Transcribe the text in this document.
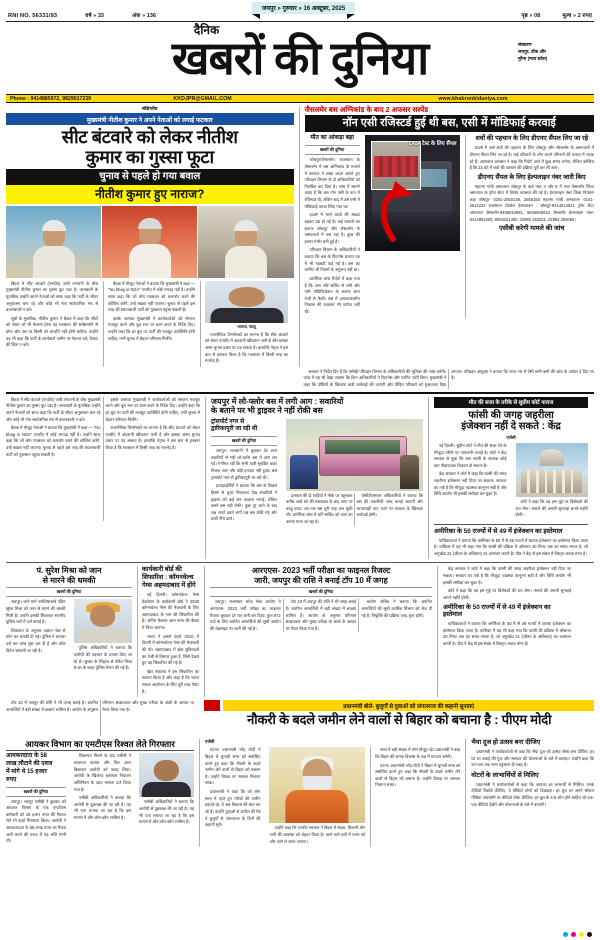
RNI NO. 56331/93	वर्ष » 33	अंक » 136	पृष्ठ » 08	मूल्य » 2 रुपए
जयपुर » गुरुवार » 16 अक्टूबर, 2025
दैनिक
खबरों की दुनिया	संस्करण
जयपुर, टोंक और
मुरैना (मध्य प्रदेश)
Phone : 9414885972, 9829017239	KKDJPR@GMAIL.COM	www.khabronkiduniya.com
संक्षिप्तीय
मुख्यमंत्री नीतीश कुमार ने अपने नेताओं को लगाई फटकार
सीट बंटवारे को लेकर नीतीश
कुमार का गुस्सा फूटा
चुनाव से पहले हो गया बवाल
नीतीश कुमार हुए नाराज?

बिहार में सीट बंटवारे (एनडीए) जारी तनातनी के बीच मुख्यमंत्री नीतीश कुमार का गुस्सा फूट पड़ा है। जानकारी के मुताबिक उन्होंने अपने नेताओं को साफ कहा कि पार्टी के भीतर अनुशासन बना रहे और कोई भी नेता सार्वजनिक मंच से बयानबाजी न करे।

सूत्रों के मुताबिक, नीतीश कुमार ने बैठक में कहा कि सीटों को लेकर जो भी फैसला होगा वह गठबंधन की सर्वसम्मति से होगा और उस पर किसी को आपत्ति नहीं होनी चाहिए। उन्होंने यह भी कहा कि पार्टी के कार्यकर्ता जमीन पर मेहनत करें, टिकट की चिंता न करें।

बैठक में मौजूद नेताओं ने बताया कि मुख्यमंत्री ने कहा — "No bhag in NDA" एनडीए में कोई भगदड़ नहीं है। उन्होंने साफ कहा कि जो लोग गठबंधन को कमजोर करने की कोशिश करेंगे, उन्हें बख्शा नहीं जाएगा। चुनाव से पहले इस तरह की बयानबाजी पार्टी को नुकसान पहुंचा सकती है।

इसके अलावा मुख्यमंत्री ने कार्यकर्ताओं को संगठन मजबूत करने और बूथ स्तर पर काम करने के निर्देश दिए। उन्होंने कहा कि हर बूथ पर पार्टी की मजबूत उपस्थिति होनी चाहिए, तभी चुनाव में बेहतर परिणाम मिलेंगे।

भाजपा, जदयू

राजनीतिक विश्लेषकों का मानना है कि सीट बंटवारे को लेकर एनडीए में अंदरूनी खींचतान जारी है और इसका असर चुनाव प्रचार पर पड़ सकता है। हालांकि नेतृत्व ने इस बात से इनकार किया है कि गठबंधन में किसी तरह का मतभेद है।

जैसलमेर बस अग्निकांड के बाद 2 अफसर सस्पेंड
नॉन एसी रजिस्टर्ड हुई थी बस, एसी में मॉडिफाई करवाई
मौत का आंकड़ा बढ़ा
खबरों की दुनिया

जोधपुर/जैसलमेर। राजस्थान के जैसलमेर में बस अग्निकांड के मामले में सरकार ने सख्त कदम उठाते हुए परिवहन विभाग के दो अधिकारियों को निलंबित कर दिया है। जांच में सामने आया है कि बस नॉन एसी के रूप में रजिस्टर्ड थी, लेकिन बाद में उसे एसी में मॉडिफाई करवा लिया गया था।

हादसे में मरने वालों की संख्या बढ़कर 25 हो गई है। कई घायलों का इलाज जोधपुर और जैसलमेर के अस्पतालों में चल रहा है। कुछ की हालत गंभीर बनी हुई है।

परिवहन विभाग के अधिकारियों ने बताया कि बस के फिटनेस प्रमाण पत्र में भी गड़बड़ी पाई गई है। बस का परमिट भी नियमों के अनुरूप नहीं था।

प्रारंभिक जांच रिपोर्ट में कहा गया है कि आग शॉर्ट सर्किट से लगी और एसी मॉडिफिकेशन के कारण आग तेजी से फैली। बस में आपातकालीन निकास की व्यवस्था भी पर्याप्त नहीं थी।

DNA टेस्ट के लिए सैंपल
शवों की पहचान के लिए डीएनए सैंपल लिए जा रहे

हादसे में जले शवों की पहचान के लिए जोधपुर और जैसलमेर के अस्पतालों में डीएनए सैंपल लिए जा रहे हैं। कई परिवारों के लोग अपने परिजनों की तलाश में भटक रहे हैं। अस्पताल प्रशासन ने कहा कि रिपोर्ट आने में कुछ समय लगेगा, लेकिन कोशिश है कि 24 घंटे में शवों की पहचान की प्रक्रिया पूरी कर ली जाए।

डीएनए सैंपल के लिए हेल्पलाइन नंबर जारी किए

महात्मा गांधी अस्पताल जोधपुर के वार्ड नंबर 4 और 5 में तथा जैसलमेर जिला अस्पताल के ट्रॉमा सेंटर में विशेष व्यवस्था की गई है। हेल्पलाइन नंबर जिला नियंत्रण कक्ष जोधपुर- 0291-2650148, 2650150 महात्मा गांधी अस्पताल- 0141-2612222 राजस्थान रोडवेज हेल्पलाइन : जोधपुर-9414014021 ट्रॉमा सेंटर अस्पताल जैसलमेर-9460010681, 9636906033 जैसलमेर हेल्पलाइन नंबर- 9414901400, 8003101400, 02992 252201, 02992 256066।

एसीबी करेगी मामले की जांच

सरकार ने निर्देश दिए हैं कि एसीबी परिवहन विभाग के अधिकारियों की भूमिका की जांच करेगी। जांच में यह भी देखा जाएगा कि किन अधिकारियों ने फिटनेस और परमिट जारी किए। मुख्यमंत्री ने कहा कि दोषियों के खिलाफ कड़ी कार्रवाई की जाएगी और पीड़ित परिवारों को मुआवजा दिया जाएगा। परिवहन आयुक्त ने बताया कि राज्य भर में ऐसी सभी बसों की जांच के आदेश दे दिए गए हैं।

बिहार में सीट बंटवारे (एनडीए) जारी तनातनी के बीच मुख्यमंत्री नीतीश कुमार का गुस्सा फूट पड़ा है। जानकारी के मुताबिक उन्होंने अपने नेताओं को साफ कहा कि पार्टी के भीतर अनुशासन बना रहे और कोई भी नेता सार्वजनिक मंच से बयानबाजी न करे।

बैठक में मौजूद नेताओं ने बताया कि मुख्यमंत्री ने कहा — "No bhag in NDA" एनडीए में कोई भगदड़ नहीं है। उन्होंने साफ कहा कि जो लोग गठबंधन को कमजोर करने की कोशिश करेंगे, उन्हें बख्शा नहीं जाएगा। चुनाव से पहले इस तरह की बयानबाजी पार्टी को नुकसान पहुंचा सकती है।

इसके अलावा मुख्यमंत्री ने कार्यकर्ताओं को संगठन मजबूत करने और बूथ स्तर पर काम करने के निर्देश दिए। उन्होंने कहा कि हर बूथ पर पार्टी की मजबूत उपस्थिति होनी चाहिए, तभी चुनाव में बेहतर परिणाम मिलेंगे।

राजनीतिक विश्लेषकों का मानना है कि सीट बंटवारे को लेकर एनडीए में अंदरूनी खींचतान जारी है और इसका असर चुनाव प्रचार पर पड़ सकता है। हालांकि नेतृत्व ने इस बात से इनकार किया है कि गठबंधन में किसी तरह का मतभेद है।

जयपुर में लो-फ्लोर बस में लगी आग : सवारियों
के बताने पर भी ड्राइवर ने नहीं रोकी बस
ट्रांसपोर्ट नगर से
द्वारिकापुरी जा रही थी
खबरों की दुनिया

जयपुर। राजधानी में बुधवार देर शाम सवारियों से भरी लो-फ्लोर बस में आग लग गई। गनीमत रही कि सभी यात्री सुरक्षित बाहर निकल आए और कोई हताहत नहीं हुआ। बस ट्रांसपोर्ट नगर से द्वारिकापुरी जा रही थी।

प्रत्यक्षदर्शियों ने बताया कि बस के पिछले हिस्से से धुआं निकलता देख सवारियों ने ड्राइवर को कई बार आवाज लगाई, लेकिन उसने बस नहीं रोकी। कुछ दूर जाने के बाद जब लपटें उठने लगीं तब बस रोकी गई और यात्री नीचे उतरे।

दमकल की दो गाड़ियों ने मौके पर पहुंचकर करीब आधे घंटे की मशक्कत के बाद आग पर काबू पाया। तब तक बस पूरी तरह जल चुकी थी। प्रारंभिक जांच में शॉर्ट सर्किट को आग का कारण माना जा रहा है।

जेसीटीएसएल अधिकारियों ने बताया कि बस की तकनीकी जांच कराई जाएगी और लापरवाही पाए जाने पर चालक के खिलाफ कार्रवाई होगी।

मौत की सजा के तरीके से सुप्रीम कोर्ट नाराज
फांसी की जगह जहरीला
इंजेक्शन नहीं दे सकते : केंद्र
एजेंसी

नई दिल्ली। सुप्रीम कोर्ट ने मौत की सजा देने के मौजूदा तरीके पर नाराजगी जताई है। कोर्ट ने केंद्र सरकार से पूछा कि क्या फांसी के अलावा कोई कम पीड़ादायक विकल्प हो सकता है।

केंद्र सरकार ने कोर्ट में कहा कि फांसी की जगह जहरीला इंजेक्शन नहीं दिया जा सकता। सरकार का तर्क है कि मौजूदा व्यवस्था कानूनन सही है और विधि आयोग भी इसकी समीक्षा कर चुका है।

कोर्ट ने कहा कि वह इस मुद्दे पर विशेषज्ञों की राय लेगा। मामले की अगली सुनवाई अगले महीने होगी।

अमीरिका के 50 राज्यों में से 49 में इंजेक्शन का इस्तेमाल

याचिकाकर्ता ने बताया कि अमेरिका के 50 में से 49 राज्यों में घातक इंजेक्शन का इस्तेमाल किया जाता है। याचिका में यह भी कहा गया कि फांसी की प्रक्रिया में औसतन 40 मिनट तक का समय लगता है, जो अनुच्छेद 21 (जीवन के अधिकार) का उल्लंघन करती है। पीठ ने केंद्र से इस संबंध में विस्तृत जवाब मांगा है।

पं. सुरेश मिश्रा को जान
से मारने की धमकी
खबरों की दुनिया

जयपुर। जाने माने ज्योतिषाचार्य पंडित सुरेश मिश्रा को जान से मारने की धमकी मिली है। उन्होंने इसकी शिकायत स्थानीय पुलिस थाने में दर्ज कराई है।

शिकायत के अनुसार अज्ञात नंबर से फोन कर धमकी दी गई। पुलिस ने मामला दर्ज कर जांच शुरू कर दी है और कॉल डिटेल खंगाली जा रही है।	पुलिस अधिकारियों ने बताया कि आरोपी की पहचान के प्रयास किए जा रहे हैं। सुरक्षा के लिहाज से पंडित मिश्रा के घर के बाहर पुलिस तैनात की गई है।

कार्यकारी बोर्ड की
सिफारिश : कॉमनवेल्थ
गेम्स अहमदाबाद में होंगे

नई दिल्ली। कॉमनवेल्थ गेम्स फेडरेशन के कार्यकारी बोर्ड ने 2030 कॉमनवेल्थ गेम्स की मेजबानी के लिए अहमदाबाद के नाम की सिफारिश की है। अंतिम फैसला आम सभा की बैठक में लिया जाएगा।

भारत ने इससे पहले 2010 में दिल्ली में कॉमनवेल्थ गेम्स की मेजबानी की थी। अहमदाबाद में खेल सुविधाओं का तेजी से विस्तार हुआ है, जिसे देखते हुए यह सिफारिश की गई है।

खेल मंत्रालय ने इस सिफारिश का स्वागत किया है और कहा है कि भारत सफल आयोजन के लिए पूरी तरह तैयार है।

आरएएस- 2023 भर्ती परीक्षा का फाइनल रिजल्ट
जारी, जयपुर की राशि ने बनाई टॉप 10 में जगह
खबरों की दुनिया

जयपुर। राजस्थान लोक सेवा आयोग ने आरएएस- 2023 भर्ती परीक्षा का फाइनल रिजल्ट बुधवार देर रात जारी कर दिया। कुल 972 पदों के लिए चयनित अभ्यर्थियों की सूची आयोग की वेबसाइट पर जारी की गई है।

टॉप 10 में जयपुर की राशि ने भी जगह बनाई है। चयनित अभ्यर्थियों में बड़ी संख्या में छात्राएं शामिल हैं। आयोग के अनुसार परिणाम साक्षात्कार और मुख्य परीक्षा के अंकों के आधार पर तैयार किया गया है।

आयोग सचिव ने बताया कि चयनित अभ्यर्थियों की सूची कार्मिक विभाग को भेज दी गई है। नियुक्ति की प्रक्रिया जल्द शुरू होगी।

केंद्र सरकार ने कोर्ट में कहा कि फांसी की जगह जहरीला इंजेक्शन नहीं दिया जा सकता। सरकार का तर्क है कि मौजूदा व्यवस्था कानूनन सही है और विधि आयोग भी इसकी समीक्षा कर चुका है।

कोर्ट ने कहा कि वह इस मुद्दे पर विशेषज्ञों की राय लेगा। मामले की अगली सुनवाई अगले महीने होगी।

अमीरिका के 50 राज्यों में से 49 में इंजेक्शन का इस्तेमाल

याचिकाकर्ता ने बताया कि अमेरिका के 50 में से 49 राज्यों में घातक इंजेक्शन का इस्तेमाल किया जाता है। याचिका में यह भी कहा गया कि फांसी की प्रक्रिया में औसतन 40 मिनट तक का समय लगता है, जो अनुच्छेद 21 (जीवन के अधिकार) का उल्लंघन करती है। पीठ ने केंद्र से इस संबंध में विस्तृत जवाब मांगा है।

टॉप 10 में जयपुर की राशि ने भी जगह बनाई है। चयनित अभ्यर्थियों में बड़ी संख्या में छात्राएं शामिल हैं। आयोग के अनुसार परिणाम साक्षात्कार और मुख्य परीक्षा के अंकों के आधार पर तैयार किया गया है।	प्रधानमंत्री बोले- बुजुर्गों से युवाओं को जंगलराज की कहानी सुनवाएं
नौकरी के बदले जमीन लेने वालों से बिहार को बचाना है : पीएम मोदी
आयकर विभाग का एमटीएस रिश्वत लेते गिरफ्तार
आयकरदाता के 58
लाख लौटाने की एवज
में मांगे थे 15 हजार
रुपए
खबरों की दुनिया

जयपुर। जयपुर एसीबी ने बुधवार को आयकर विभाग के एक एमटीएस कर्मचारी को 15 हजार रुपए की रिश्वत लेते रंगे हाथों गिरफ्तार किया। आरोपी ने आयकरदाता के 58 लाख रुपए का रिफंड जारी करने की एवज में यह राशि मांगी थी।

शिकायत मिलने के बाद एसीबी ने सत्यापन कराया और फिर जाल बिछाकर आरोपी को पकड़ लिया। आरोपी के खिलाफ भ्रष्टाचार निवारण अधिनियम के तहत मामला दर्ज किया गया है।

एसीबी अधिकारियों ने बताया कि आरोपी से पूछताछ की जा रही है। यह भी पता लगाया जा रहा है कि इस मामले में और कौन-कौन शामिल है।

एसीबी अधिकारियों ने बताया कि आरोपी से पूछताछ की जा रही है। यह भी पता लगाया जा रहा है कि इस मामले में और कौन-कौन शामिल है।

एजेंसी

पटना। प्रधानमंत्री नरेंद्र मोदी ने बिहार में चुनावी सभा को संबोधित करते हुए कहा कि नौकरी के बदले जमीन लेने वालों से बिहार को बचाना है। उन्होंने विपक्ष पर जमकर निशाना साधा।

प्रधानमंत्री ने कहा कि जो लोग सत्ता में रहते हुए गरीबों की जमीन हड़पते रहे, वे अब विकास की बात कर रहे हैं। उन्होंने युवाओं से अपील की कि वे बुजुर्गों से जंगलराज के दिनों की कहानी सुनें।

उन्होंने कहा कि एनडीए सरकार ने बिहार में सड़क, बिजली और पानी की व्यवस्था को बेहतर किया है। आने वाले वर्षों में राज्य को और आगे ले जाया जाएगा।

सभा में बड़ी संख्या में लोग मौजूद रहे। प्रधानमंत्री ने कहा कि बिहार की जनता विकास के पक्ष में मतदान करेगी।

पटना। प्रधानमंत्री नरेंद्र मोदी ने बिहार में चुनावी सभा को संबोधित करते हुए कहा कि नौकरी के बदले जमीन लेने वालों से बिहार को बचाना है। उन्होंने विपक्ष पर जमकर निशाना साधा।

भैया दूज हो उत्सव बना दीजिए

प्रधानमंत्री ने कार्यकर्ताओं से कहा कि भैया दूज को उत्सव जैसा बना दीजिए। हर घर पर बधाई की गूंज और सरकार की योजनाओं के बारे में बताइए। उन्होंने कहा कि जन-जन तक लाभ पहुंचाना ही लक्ष्य है।

वोटरों के लाभार्थियों से मिलिए

प्रधानमंत्री ने कार्यकर्ताओं से कहा कि आपका हर लाभार्थी से मिलिए। उनके वीडियो रिकॉर्ड कीजिए, वे वीडियो लोगों को दिखाइए। हर बूथ पर अपने सोशल मीडिया प्लेटफॉर्म पर वीडियो पोस्ट कीजिए। हर बूथ के 4-5 लोग होने चाहिए जो एक-एक वीडियो देखेंगे और योजनाओं के बारे में बताएंगे।
